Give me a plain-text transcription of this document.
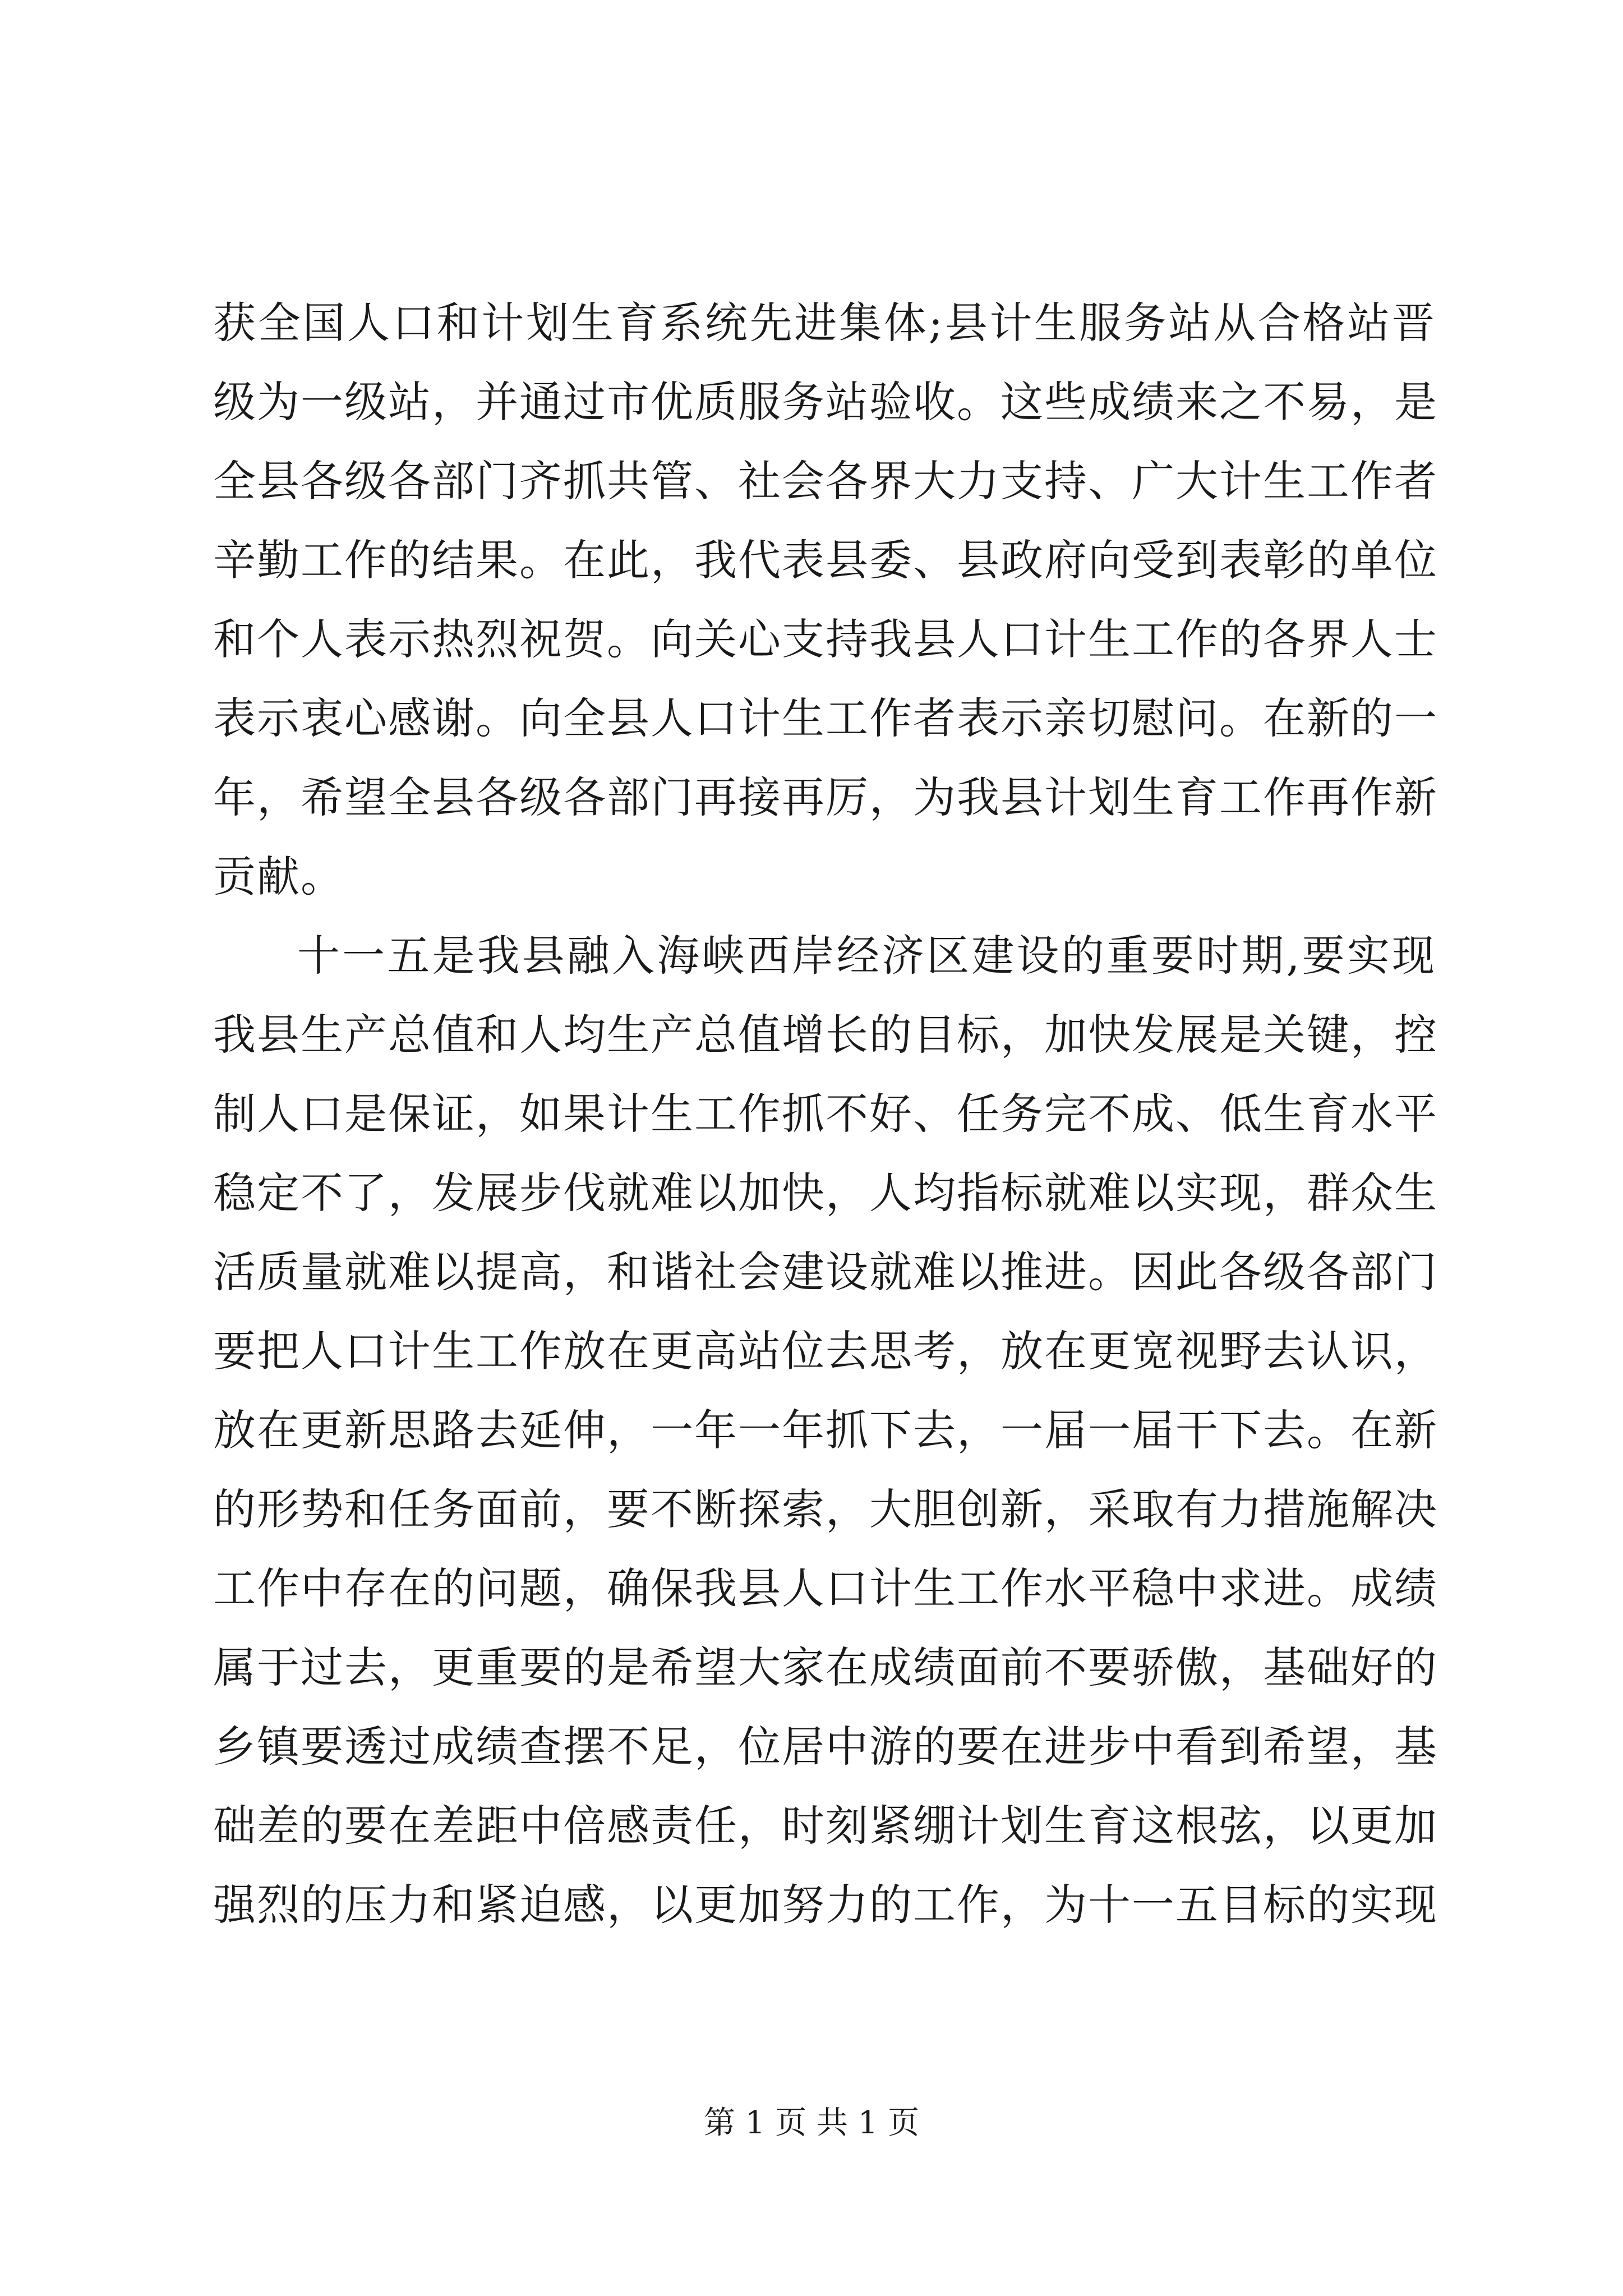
获全国人口和计划生育系统先进集体;县计生服务站从合格站晋
级为一级站，并通过市优质服务站验收。这些成绩来之不易，是
全县各级各部门齐抓共管、社会各界大力支持、广大计生工作者
辛勤工作的结果。在此，我代表县委、县政府向受到表彰的单位
和个人表示热烈祝贺。向关心支持我县人口计生工作的各界人士
表示衷心感谢。向全县人口计生工作者表示亲切慰问。在新的一
年，希望全县各级各部门再接再厉，为我县计划生育工作再作新
贡献。
十一五是我县融入海峡西岸经济区建设的重要时期,要实现
我县生产总值和人均生产总值增长的目标，加快发展是关键，控
制人口是保证，如果计生工作抓不好、任务完不成、低生育水平
稳定不了，发展步伐就难以加快，人均指标就难以实现，群众生
活质量就难以提高，和谐社会建设就难以推进。因此各级各部门
要把人口计生工作放在更高站位去思考，放在更宽视野去认识，
放在更新思路去延伸，一年一年抓下去，一届一届干下去。在新
的形势和任务面前，要不断探索，大胆创新，采取有力措施解决
工作中存在的问题，确保我县人口计生工作水平稳中求进。成绩
属于过去，更重要的是希望大家在成绩面前不要骄傲，基础好的
乡镇要透过成绩查摆不足，位居中游的要在进步中看到希望，基
础差的要在差距中倍感责任，时刻紧绷计划生育这根弦，以更加
强烈的压力和紧迫感，以更加努力的工作，为十一五目标的实现
第 1 页 共 1 页
